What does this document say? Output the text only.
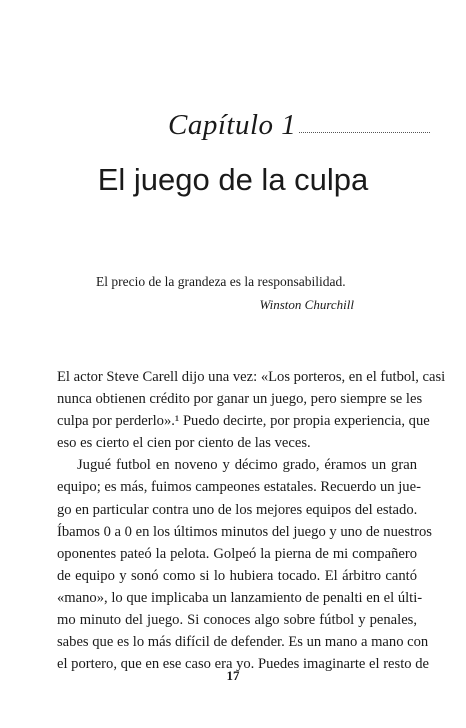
Capítulo 1
El juego de la culpa

El precio de la grandeza es la responsabilidad.

Winston Churchill

El actor Steve Carell dijo una vez: «Los porteros, en el futbol, casi
nunca obtienen crédito por ganar un juego, pero siempre se les
culpa por perderlo».¹ Puedo decirte, por propia experiencia, que
eso es cierto el cien por ciento de las veces.

Jugué futbol en noveno y décimo grado, éramos un gran
equipo; es más, fuimos campeones estatales. Recuerdo un jue-
go en particular contra uno de los mejores equipos del estado.
Íbamos 0 a 0 en los últimos minutos del juego y uno de nuestros
oponentes pateó la pelota. Golpeó la pierna de mi compañero
de equipo y sonó como si lo hubiera tocado. El árbitro cantó
«mano», lo que implicaba un lanzamiento de penalti en el últi-
mo minuto del juego. Si conoces algo sobre fútbol y penales,
sabes que es lo más difícil de defender. Es un mano a mano con
el portero, que en ese caso era yo. Puedes imaginarte el resto de

17
